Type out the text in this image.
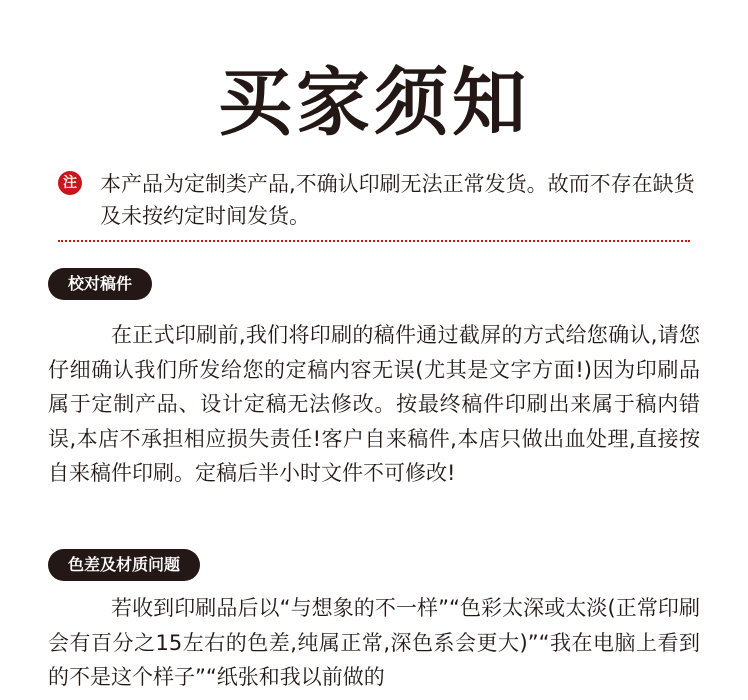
买家须知
注 本产品为定制类产品,不确认印刷无法正常发货。故而不存在缺货及未按约定时间发货。
校对稿件
在正式印刷前,我们将印刷的稿件通过截屏的方式给您确认,请您仔细确认我们所发给您的定稿内容无误(尤其是文字方面!)因为印刷品属于定制产品、设计定稿无法修改。按最终稿件印刷出来属于稿内错误,本店不承担相应损失责任!客户自来稿件,本店只做出血处理,直接按自来稿件印刷。定稿后半小时文件不可修改!
色差及材质问题
若收到印刷品后以“与想象的不一样”“色彩太深或太淡(正常印刷会有百分之15左右的色差,纯属正常,深色系会更大)”“我在电脑上看到的不是这个样子”“纸张和我以前做的
